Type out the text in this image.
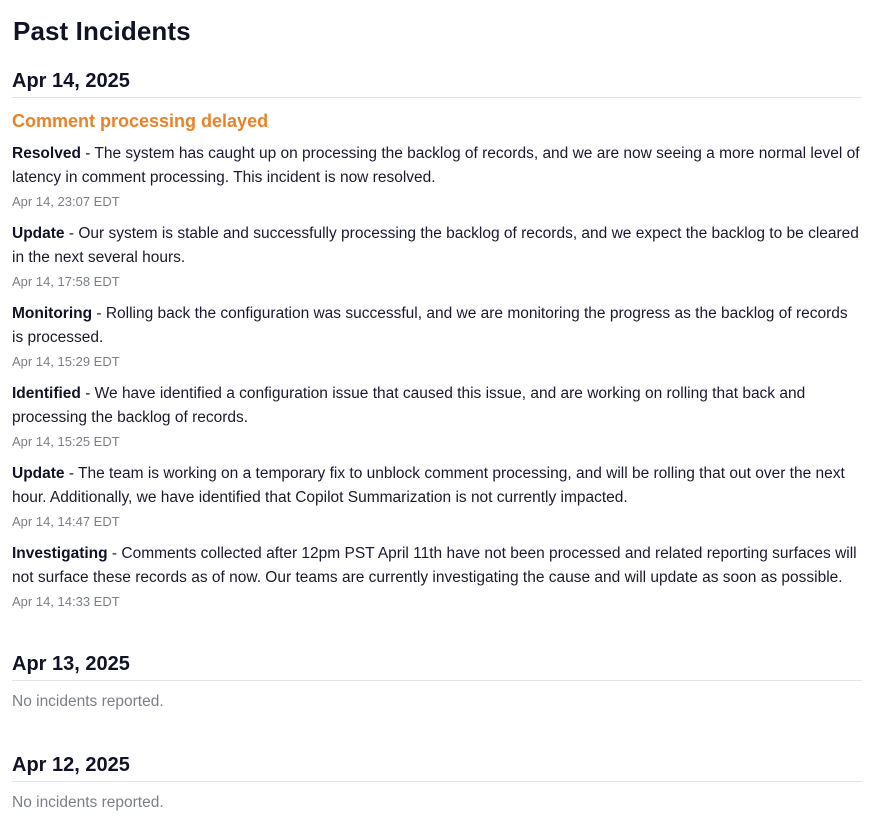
Past Incidents
Apr 14, 2025
Comment processing delayed
Resolved - The system has caught up on processing the backlog of records, and we are now seeing a more normal level of latency in comment processing. This incident is now resolved.
Apr 14, 23:07 EDT
Update - Our system is stable and successfully processing the backlog of records, and we expect the backlog to be cleared in the next several hours.
Apr 14, 17:58 EDT
Monitoring - Rolling back the configuration was successful, and we are monitoring the progress as the backlog of records is processed.
Apr 14, 15:29 EDT
Identified - We have identified a configuration issue that caused this issue, and are working on rolling that back and processing the backlog of records.
Apr 14, 15:25 EDT
Update - The team is working on a temporary fix to unblock comment processing, and will be rolling that out over the next hour. Additionally, we have identified that Copilot Summarization is not currently impacted.
Apr 14, 14:47 EDT
Investigating - Comments collected after 12pm PST April 11th have not been processed and related reporting surfaces will not surface these records as of now. Our teams are currently investigating the cause and will update as soon as possible.
Apr 14, 14:33 EDT
Apr 13, 2025
No incidents reported.
Apr 12, 2025
No incidents reported.
